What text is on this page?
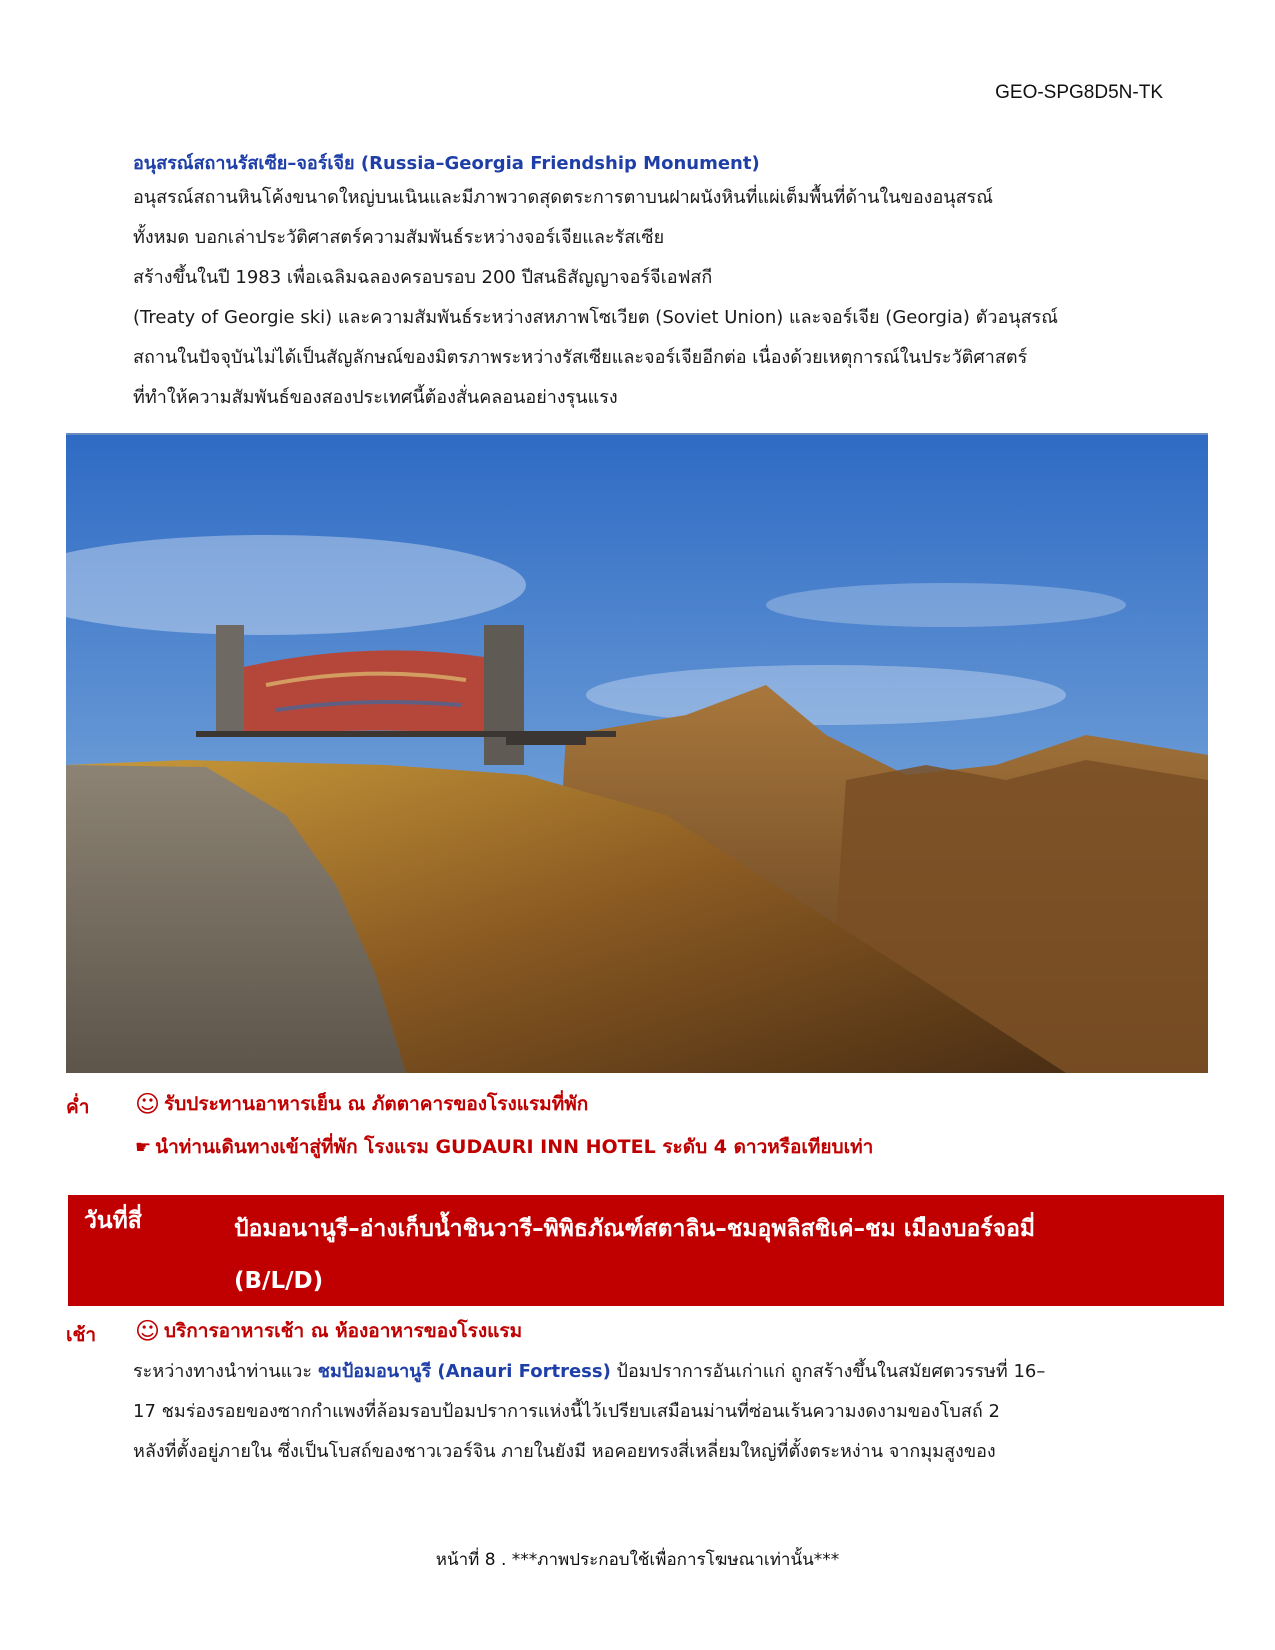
GEO-SPG8D5N-TK
อนุสรณ์สถานรัสเซีย–จอร์เจีย (Russia–Georgia Friendship Monument)
อนุสรณ์สถานหินโค้งขนาดใหญ่บนเนินและมีภาพวาดสุดตระการตาบนฝาผนังหินที่แผ่เต็มพื้นที่ด้านในของอนุสรณ์
ทั้งหมด บอกเล่าประวัติศาสตร์ความสัมพันธ์ระหว่างจอร์เจียและรัสเซีย
สร้างขึ้นในปี 1983 เพื่อเฉลิมฉลองครอบรอบ 200 ปีสนธิสัญญาจอร์จีเอฟสกี
(Treaty of Georgie ski) และความสัมพันธ์ระหว่างสหภาพโซเวียต (Soviet Union) และจอร์เจีย (Georgia) ตัวอนุสรณ์
สถานในปัจจุบันไม่ได้เป็นสัญลักษณ์ของมิตรภาพระหว่างรัสเซียและจอร์เจียอีกต่อ เนื่องด้วยเหตุการณ์ในประวัติศาสตร์
ที่ทำให้ความสัมพันธ์ของสองประเทศนี้ต้องสั่นคลอนอย่างรุนแรง
ค่ำ ☺ รับประทานอาหารเย็น ณ ภัตตาคารของโรงแรมที่พัก
☛ นำท่านเดินทางเข้าสู่ที่พัก โรงแรม GUDAURI INN HOTEL ระดับ 4 ดาวหรือเทียบเท่า
วันที่สี่	ป้อมอนานูรี–อ่างเก็บน้ำชินวารี–พิพิธภัณฑ์สตาลิน–ชมอุพลิสชิเค่–ชม เมืองบอร์จอมี่
(B/L/D)
เช้า ☺ บริการอาหารเช้า ณ ห้องอาหารของโรงแรม
ระหว่างทางนำท่านแวะ ชมป้อมอนานูรี (Anauri Fortress) ป้อมปราการอันเก่าแก่ ถูกสร้างขึ้นในสมัยศตวรรษที่ 16–
17 ชมร่องรอยของซากกำแพงที่ล้อมรอบป้อมปราการแห่งนี้ไว้เปรียบเสมือนม่านที่ซ่อนเร้นความงดงามของโบสถ์ 2
หลังที่ตั้งอยู่ภายใน ซึ่งเป็นโบสถ์ของชาวเวอร์จิน ภายในยังมี หอคอยทรงสี่เหลี่ยมใหญ่ที่ตั้งตระหง่าน จากมุมสูงของ
หน้าที่ 8 . ***ภาพประกอบใช้เพื่อการโฆษณาเท่านั้น***
